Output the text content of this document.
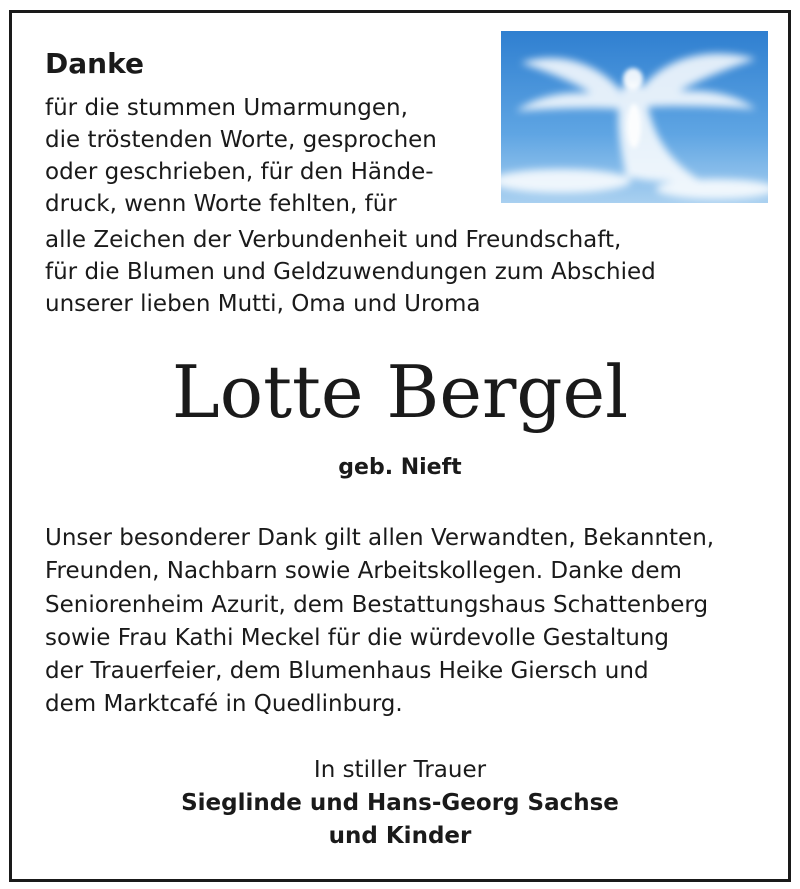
Danke
für die stummen Umarmungen,
die tröstenden Worte, gesprochen
oder geschrieben, für den Hände-
druck, wenn Worte fehlten, für
alle Zeichen der Verbundenheit und Freundschaft,
für die Blumen und Geldzuwendungen zum Abschied
unserer lieben Mutti, Oma und Uroma
Lotte Bergel
geb. Nieft
Unser besonderer Dank gilt allen Verwandten, Bekannten,
Freunden, Nachbarn sowie Arbeitskollegen. Danke dem
Seniorenheim Azurit, dem Bestattungshaus Schattenberg
sowie Frau Kathi Meckel für die würdevolle Gestaltung
der Trauerfeier, dem Blumenhaus Heike Giersch und
dem Marktcafé in Quedlinburg.
In stiller Trauer
Sieglinde und Hans-Georg Sachse
und Kinder
